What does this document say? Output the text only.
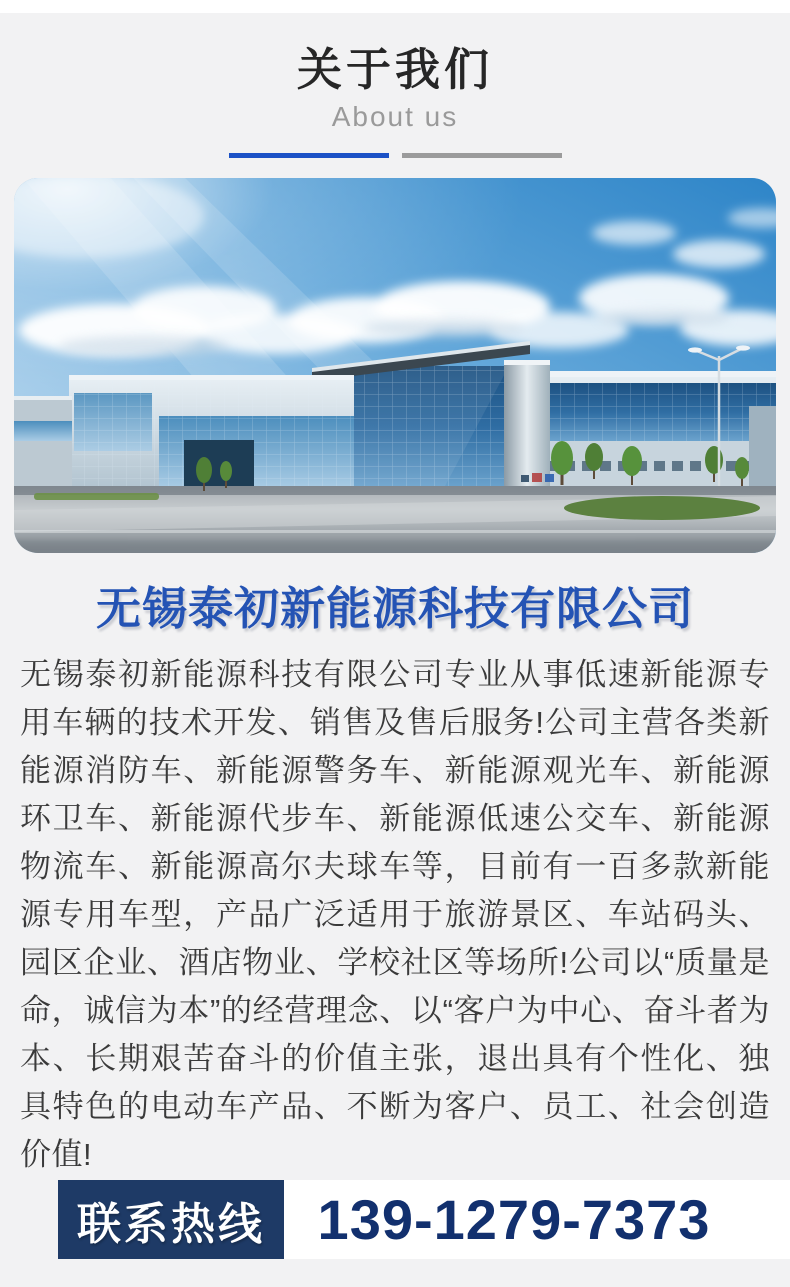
关于我们

About us

无锡泰初新能源科技有限公司

无锡泰初新能源科技有限公司专业从事低速新能源专用车辆的技术开发、销售及售后服务!公司主营各类新能源消防车、新能源警务车、新能源观光车、新能源环卫车、新能源代步车、新能源低速公交车、新能源物流车、新能源高尔夫球车等，目前有一百多款新能源专用车型，产品广泛适用于旅游景区、车站码头、园区企业、酒店物业、学校社区等场所!公司以“质量是命，诚信为本”的经营理念、以“客户为中心、奋斗者为本、长期艰苦奋斗的价值主张，退出具有个性化、独具特色的电动车产品、不断为客户、员工、社会创造价值!

联系热线 139-1279-7373
